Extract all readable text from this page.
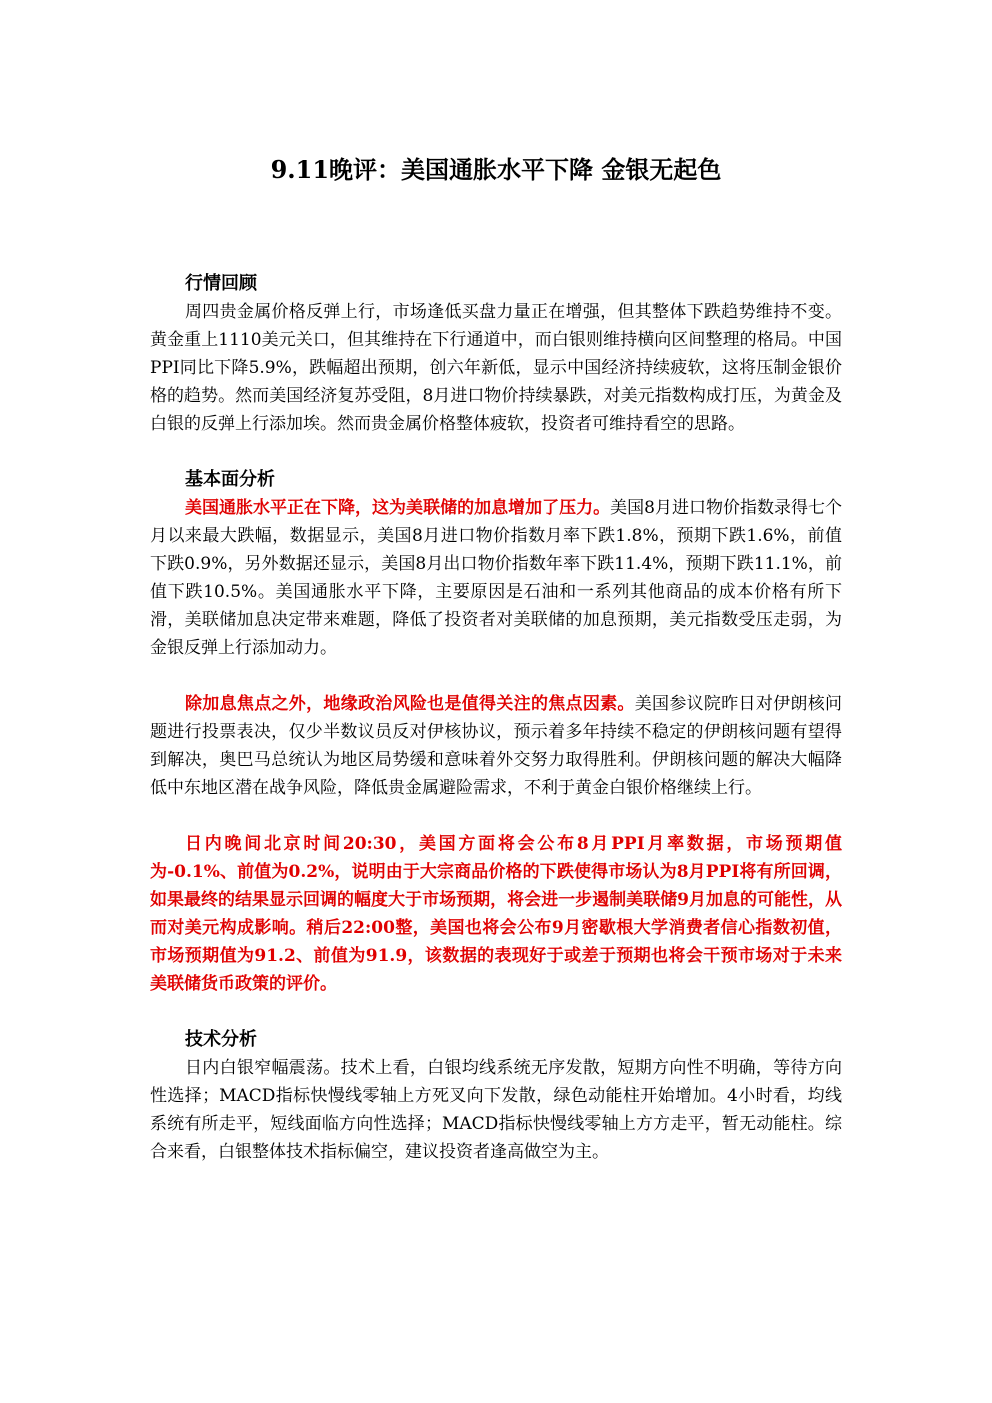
9.11晚评：美国通胀水平下降 金银无起色
行情回顾

周四贵金属价格反弹上行，市场逢低买盘力量正在增强，但其整体下跌趋势维持不变。黄金重上1110美元关口，但其维持在下行通道中，而白银则维持横向区间整理的格局。中国PPI同比下降5.9%，跌幅超出预期，创六年新低，显示中国经济持续疲软，这将压制金银价格的趋势。然而美国经济复苏受阻，8月进口物价持续暴跌，对美元指数构成打压，为黄金及白银的反弹上行添加埃。然而贵金属价格整体疲软，投资者可维持看空的思路。

基本面分析

美国通胀水平正在下降，这为美联储的加息增加了压力。美国8月进口物价指数录得七个月以来最大跌幅，数据显示，美国8月进口物价指数月率下跌1.8%，预期下跌1.6%，前值下跌0.9%，另外数据还显示，美国8月出口物价指数年率下跌11.4%，预期下跌11.1%，前值下跌10.5%。美国通胀水平下降，主要原因是石油和一系列其他商品的成本价格有所下滑，美联储加息决定带来难题，降低了投资者对美联储的加息预期，美元指数受压走弱，为金银反弹上行添加动力。

除加息焦点之外，地缘政治风险也是值得关注的焦点因素。美国参议院昨日对伊朗核问题进行投票表决，仅少半数议员反对伊核协议，预示着多年持续不稳定的伊朗核问题有望得到解决，奥巴马总统认为地区局势缓和意味着外交努力取得胜利。伊朗核问题的解决大幅降低中东地区潜在战争风险，降低贵金属避险需求，不利于黄金白银价格继续上行。

日内晚间北京时间20:30，美国方面将会公布8月PPI月率数据，市场预期值为-0.1%、前值为0.2%，说明由于大宗商品价格的下跌使得市场认为8月PPI将有所回调，如果最终的结果显示回调的幅度大于市场预期，将会进一步遏制美联储9月加息的可能性，从而对美元构成影响。稍后22:00整，美国也将会公布9月密歇根大学消费者信心指数初值，市场预期值为91.2、前值为91.9，该数据的表现好于或差于预期也将会干预市场对于未来美联储货币政策的评价。

技术分析

日内白银窄幅震荡。技术上看，白银均线系统无序发散，短期方向性不明确，等待方向性选择；MACD指标快慢线零轴上方死叉向下发散，绿色动能柱开始增加。4小时看，均线系统有所走平，短线面临方向性选择；MACD指标快慢线零轴上方方走平，暂无动能柱。综合来看，白银整体技术指标偏空，建议投资者逢高做空为主。
